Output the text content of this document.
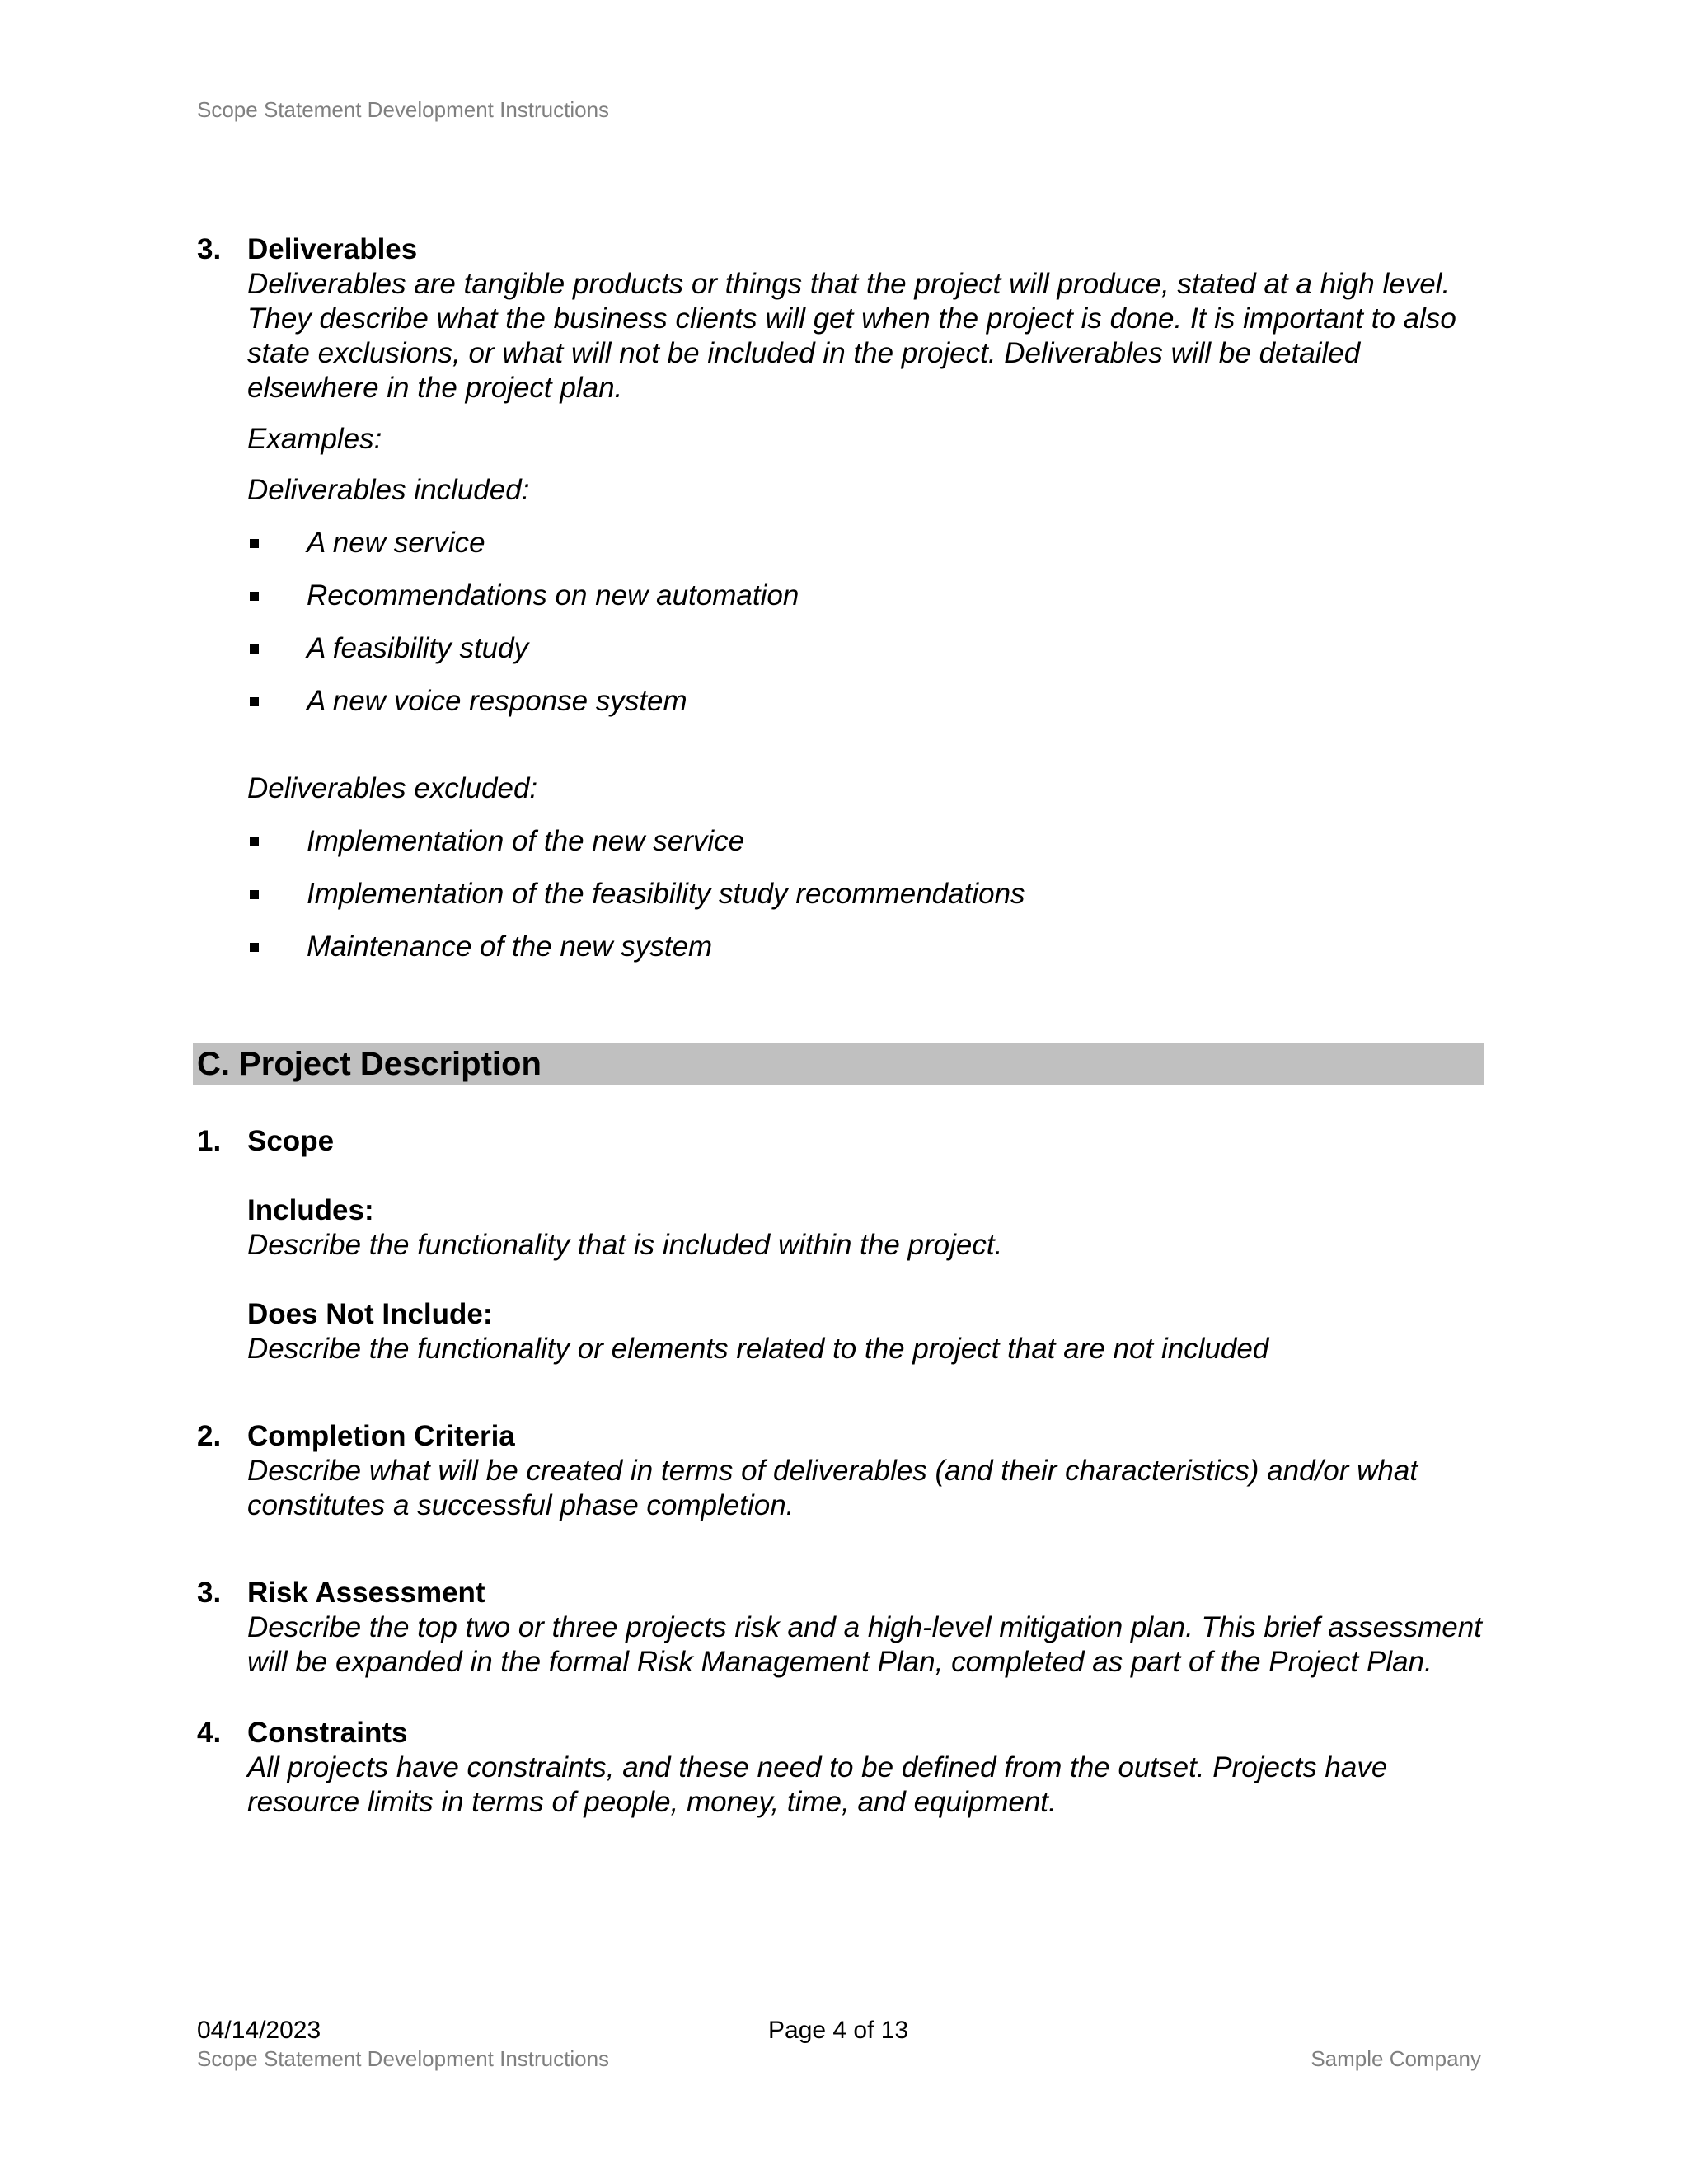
Scope Statement Development Instructions
3. Deliverables
Deliverables are tangible products or things that the project will produce, stated at a high level. They describe what the business clients will get when the project is done. It is important to also state exclusions, or what will not be included in the project. Deliverables will be detailed elsewhere in the project plan.
Examples:
Deliverables included:
A new service
Recommendations on new automation
A feasibility study
A new voice response system
Deliverables excluded:
Implementation of the new service
Implementation of the feasibility study recommendations
Maintenance of the new system
C. Project Description
1. Scope
Includes:
Describe the functionality that is included within the project.
Does Not Include:
Describe the functionality or elements related to the project that are not included
2. Completion Criteria
Describe what will be created in terms of deliverables (and their characteristics) and/or what constitutes a successful phase completion.
3. Risk Assessment
Describe the top two or three projects risk and a high-level mitigation plan. This brief assessment will be expanded in the formal Risk Management Plan, completed as part of the Project Plan.
4. Constraints
All projects have constraints, and these need to be defined from the outset. Projects have resource limits in terms of people, money, time, and equipment.
04/14/2023	Page 4 of 13
Scope Statement Development Instructions	Sample Company
